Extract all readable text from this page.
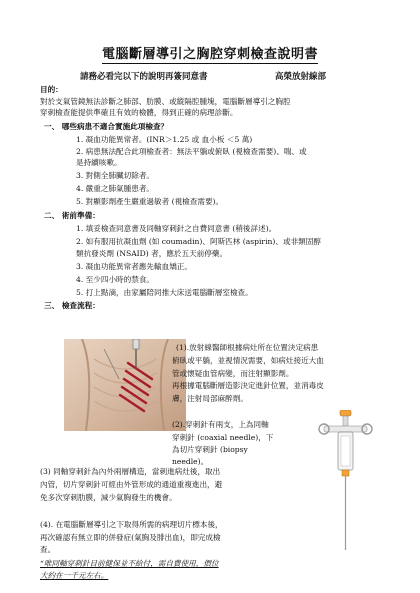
電腦斷層導引之胸腔穿刺檢查說明書
請務必看完以下的說明再簽同意書	高榮放射線部
目的：
對於支氣管鏡無法診斷之肺部、肋膜、或縱隔腔腫塊，電腦斷層導引之胸腔
穿刺檢查能提供準確且有效的檢體，得到正確的病理診斷。
一、 哪些病患不適合實施此項檢查？
1. 凝血功能異常者。(INR＞1.25 或 血小板 ＜5 萬)
2. 病患無法配合此項檢查者：無法平躺或俯臥 (視檢查需要)、喘、或
是持續咳嗽。
3. 對側全肺臟切除者。
4. 嚴重之肺氣腫患者。
5. 對顯影劑產生嚴重過敏者 (視檢查需要)。
二、 術前準備：
1. 填妥檢查同意書及同軸穿刺針之自費同意書 (稍後詳述)。
2. 如有服用抗凝血劑 (如 coumadin)、阿斯匹林 (aspirin)、或非類固醇
類抗發炎劑 (NSAID) 者，應於五天前停藥。
3. 凝血功能異常者應先輸血矯正。
4. 至少四小時的禁食。
5. 打上點滴，由家屬陪同推大床送電腦斷層室檢查。
三、 檢查流程：
(1).放射線醫師根據病灶所在位置決定病患
俯臥或平躺，並視情況需要，如病灶接近大血
管或懷疑血管病變，而注射顯影劑。
再根據電腦斷層造影決定進針位置，並消毒皮
膚，注射局部麻醉劑。
(2).穿刺針有兩支，上為同軸
穿刺針 (coaxial needle)，下
為切片穿刺針 (biopsy
needle)。
(3) 同軸穿刺針為內外兩層構造，當刺進病灶後，取出
內管，切片穿刺針可經由外管形成的通道重複進出，避
免多次穿刺肋膜，減少氣胸發生的機會。
(4). 在電腦斷層導引之下取得所需的病理切片標本後，
再次確認有無立即的併發症(氣胸及腓出血)，即完成檢
查。
“唯同軸穿刺針目前健保並不給付，需自費使用，價位
大約在一千元左右。
